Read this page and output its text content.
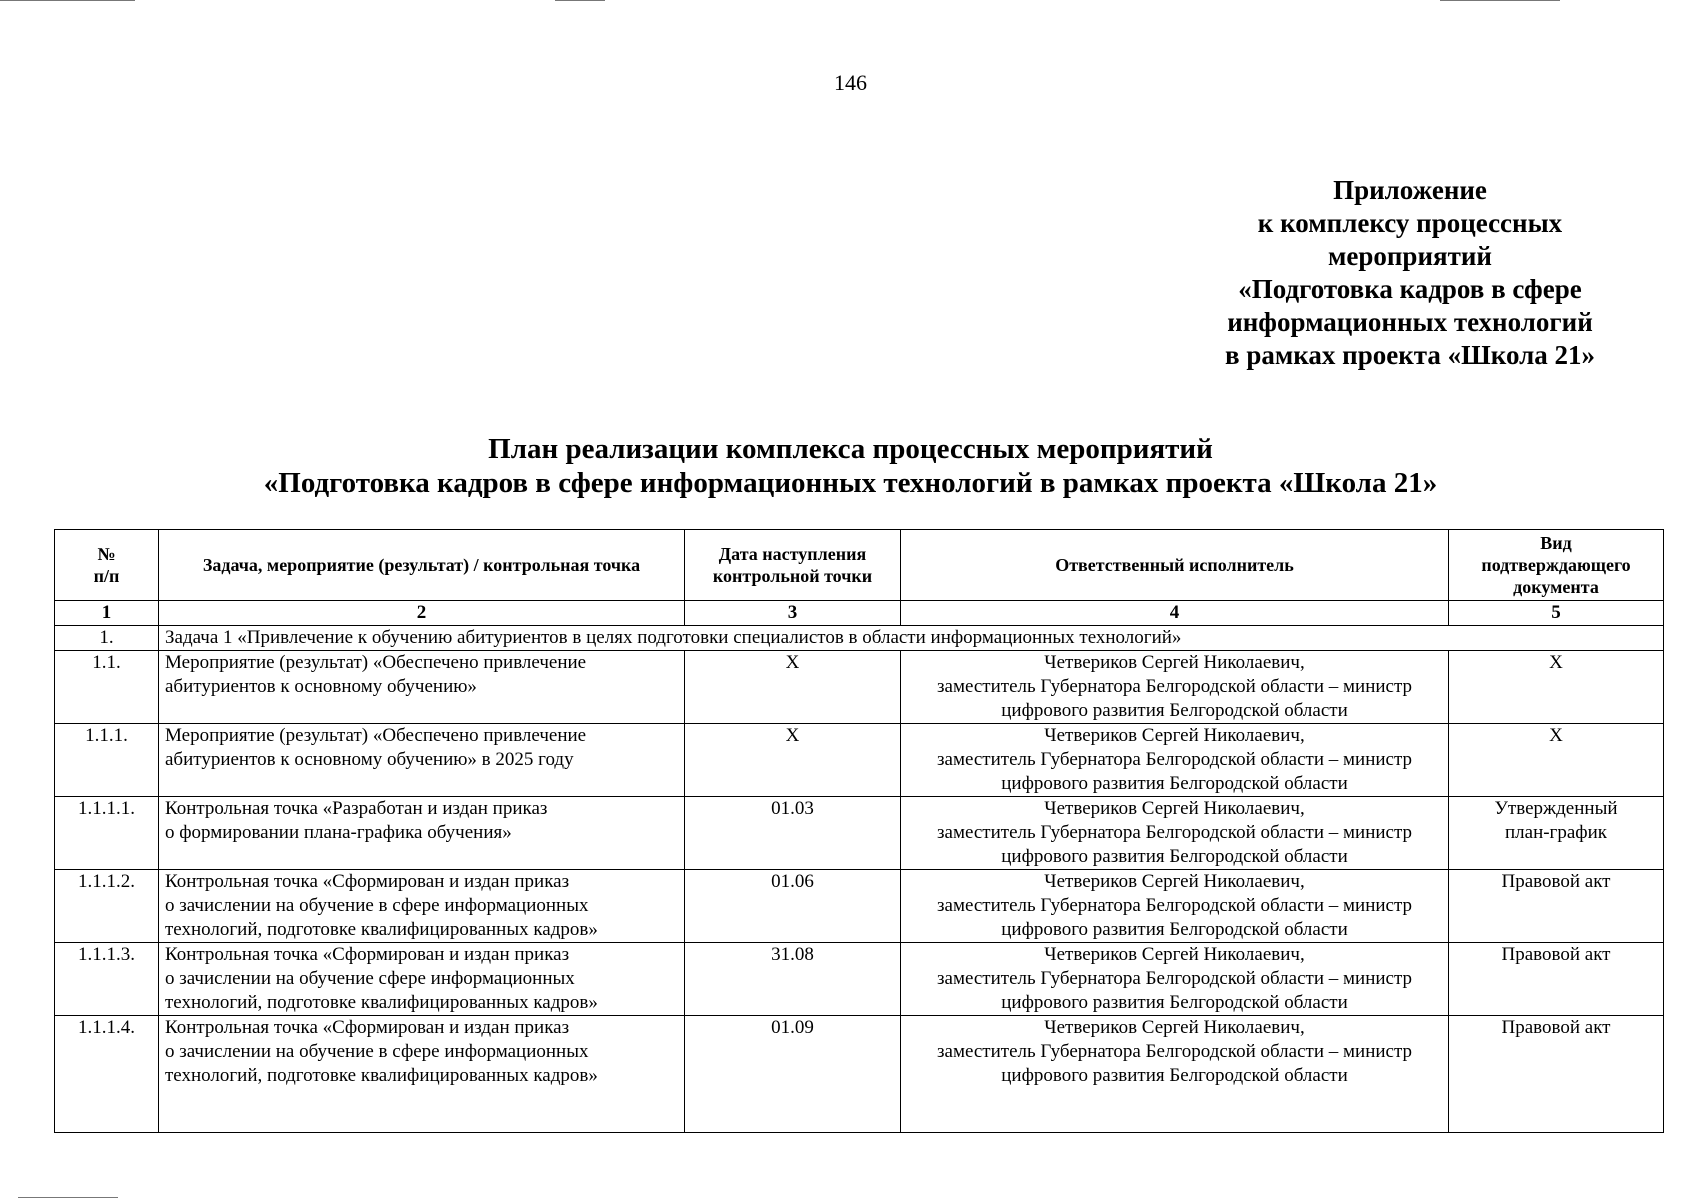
146
Приложение
к комплексу процессных
мероприятий
«Подготовка кадров в сфере
информационных технологий
в рамках проекта «Школа 21»
План реализации комплекса процессных мероприятий
«Подготовка кадров в сфере информационных технологий в рамках проекта «Школа 21»
№
п/п	Задача, мероприятие (результат) / контрольная точка	Дата наступления
контрольной точки	Ответственный исполнитель	Вид
подтверждающего
документа

1	2	3	4	5
1.	Задача 1 «Привлечение к обучению абитуриентов в целях подготовки специалистов в области информационных технологий»			

1.1.	Мероприятие (результат) «Обеспечено привлечение
абитуриентов к основному обучению»	Х	Четвериков Сергей Николаевич,
заместитель Губернатора Белгородской области – министр
цифрового развития Белгородской области	Х

1.1.1.	Мероприятие (результат) «Обеспечено привлечение
абитуриентов к основному обучению» в 2025 году	Х	Четвериков Сергей Николаевич,
заместитель Губернатора Белгородской области – министр
цифрового развития Белгородской области	Х

1.1.1.1.	Контрольная точка «Разработан и издан приказ
о формировании плана-графика обучения»	01.03	Четвериков Сергей Николаевич,
заместитель Губернатора Белгородской области – министр
цифрового развития Белгородской области	Утвержденный
план-график

1.1.1.2.	Контрольная точка «Сформирован и издан приказ
о зачислении на обучение в сфере информационных
технологий, подготовке квалифицированных кадров»	01.06	Четвериков Сергей Николаевич,
заместитель Губернатора Белгородской области – министр
цифрового развития Белгородской области	Правовой акт

1.1.1.3.	Контрольная точка «Сформирован и издан приказ
о зачислении на обучение сфере информационных
технологий, подготовке квалифицированных кадров»	31.08	Четвериков Сергей Николаевич,
заместитель Губернатора Белгородской области – министр
цифрового развития Белгородской области	Правовой акт

1.1.1.4.	Контрольная точка «Сформирован и издан приказ
о зачислении на обучение в сфере информационных
технологий, подготовке квалифицированных кадров»	01.09	Четвериков Сергей Николаевич,
заместитель Губернатора Белгородской области – министр
цифрового развития Белгородской области	Правовой акт
